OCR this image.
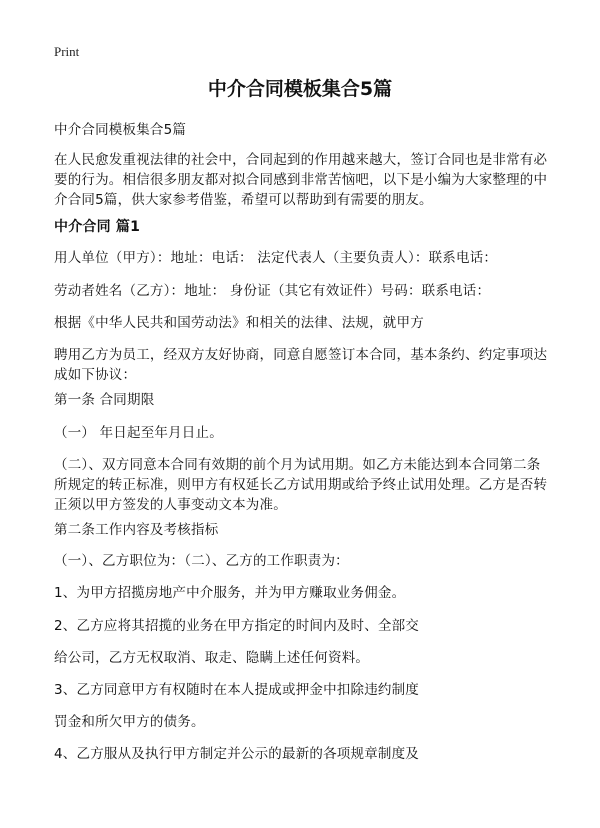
Print
中介合同模板集合5篇

中介合同模板集合5篇

在人民愈发重视法律的社会中，合同起到的作用越来越大，签订合同也是非常有必要的行为。相信很多朋友都对拟合同感到非常苦恼吧，以下是小编为大家整理的中介合同5篇，供大家参考借鉴，希望可以帮助到有需要的朋友。

中介合同 篇1

用人单位（甲方）：地址：电话： 法定代表人（主要负责人）：联系电话：

劳动者姓名（乙方）：地址： 身份证（其它有效证件）号码：联系电话：

根据《中华人民共和国劳动法》和相关的法律、法规，就甲方

聘用乙方为员工，经双方友好协商，同意自愿签订本合同，基本条约、约定事项达成如下协议：

第一条 合同期限

（一） 年日起至年月日止。

（二）、双方同意本合同有效期的前个月为试用期。如乙方未能达到本合同第二条所规定的转正标准，则甲方有权延长乙方试用期或给予终止试用处理。乙方是否转正须以甲方签发的人事变动文本为准。

第二条工作内容及考核指标

（一）、乙方职位为：（二）、乙方的工作职责为：

1、为甲方招揽房地产中介服务，并为甲方赚取业务佣金。

2、乙方应将其招揽的业务在甲方指定的时间内及时、全部交

给公司，乙方无权取消、取走、隐瞒上述任何资料。

3、乙方同意甲方有权随时在本人提成或押金中扣除违约制度

罚金和所欠甲方的债务。

4、乙方服从及执行甲方制定并公示的最新的各项规章制度及
